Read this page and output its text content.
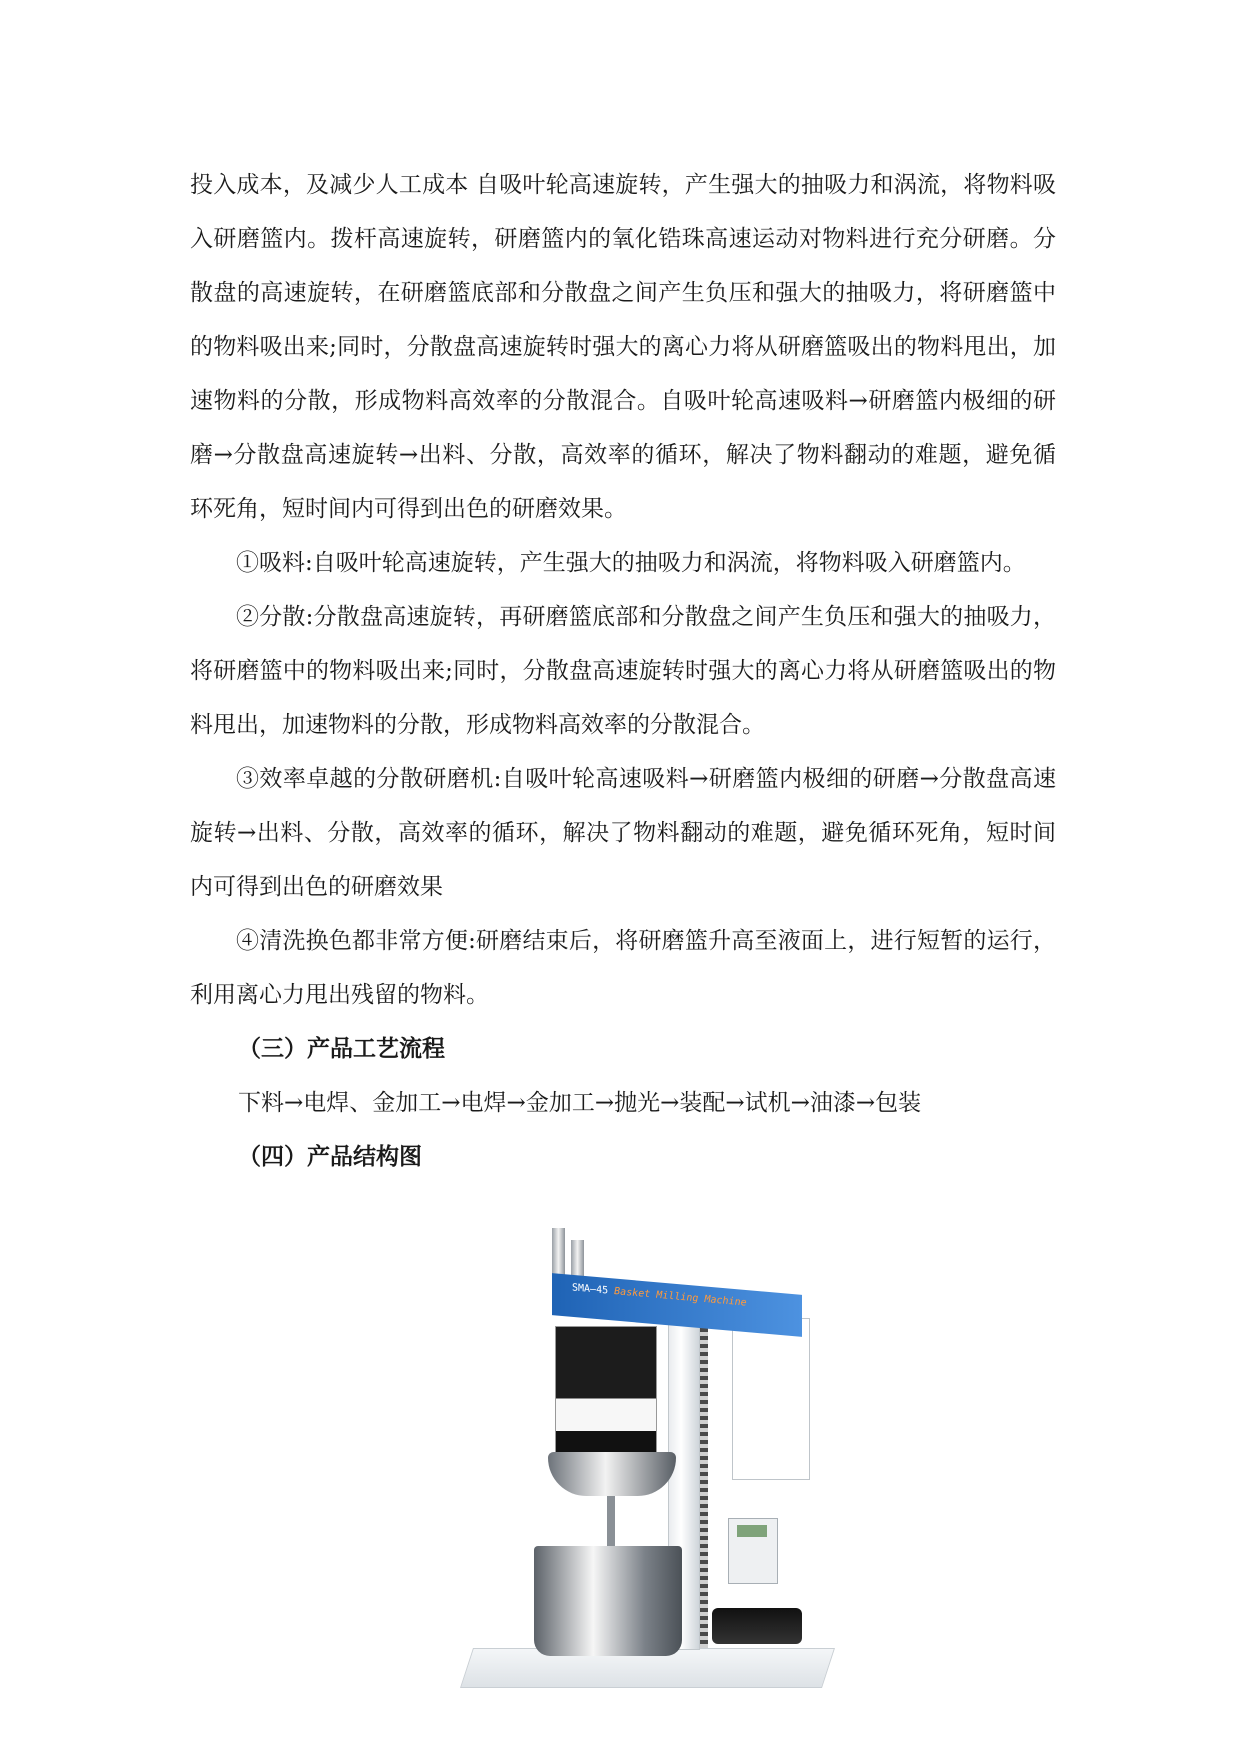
投入成本，及减少人工成本 自吸叶轮高速旋转，产生强大的抽吸力和涡流，将物料吸入研磨篮内。拨杆高速旋转，研磨篮内的氧化锆珠高速运动对物料进行充分研磨。分散盘的高速旋转，在研磨篮底部和分散盘之间产生负压和强大的抽吸力，将研磨篮中的物料吸出来;同时，分散盘高速旋转时强大的离心力将从研磨篮吸出的物料甩出，加速物料的分散，形成物料高效率的分散混合。自吸叶轮高速吸料→研磨篮内极细的研磨→分散盘高速旋转→出料、分散，高效率的循环，解决了物料翻动的难题，避免循环死角，短时间内可得到出色的研磨效果。

①吸料:自吸叶轮高速旋转，产生强大的抽吸力和涡流，将物料吸入研磨篮内。

②分散:分散盘高速旋转，再研磨篮底部和分散盘之间产生负压和强大的抽吸力，将研磨篮中的物料吸出来;同时，分散盘高速旋转时强大的离心力将从研磨篮吸出的物料甩出，加速物料的分散，形成物料高效率的分散混合。

③效率卓越的分散研磨机:自吸叶轮高速吸料→研磨篮内极细的研磨→分散盘高速旋转→出料、分散，高效率的循环，解决了物料翻动的难题，避免循环死角，短时间内可得到出色的研磨效果

④清洗换色都非常方便:研磨结束后，将研磨篮升高至液面上，进行短暂的运行，利用离心力甩出残留的物料。

（三）产品工艺流程

下料→电焊、金加工→电焊→金加工→抛光→装配→试机→油漆→包装

（四）产品结构图

SMA—45 Basket Milling Machine
